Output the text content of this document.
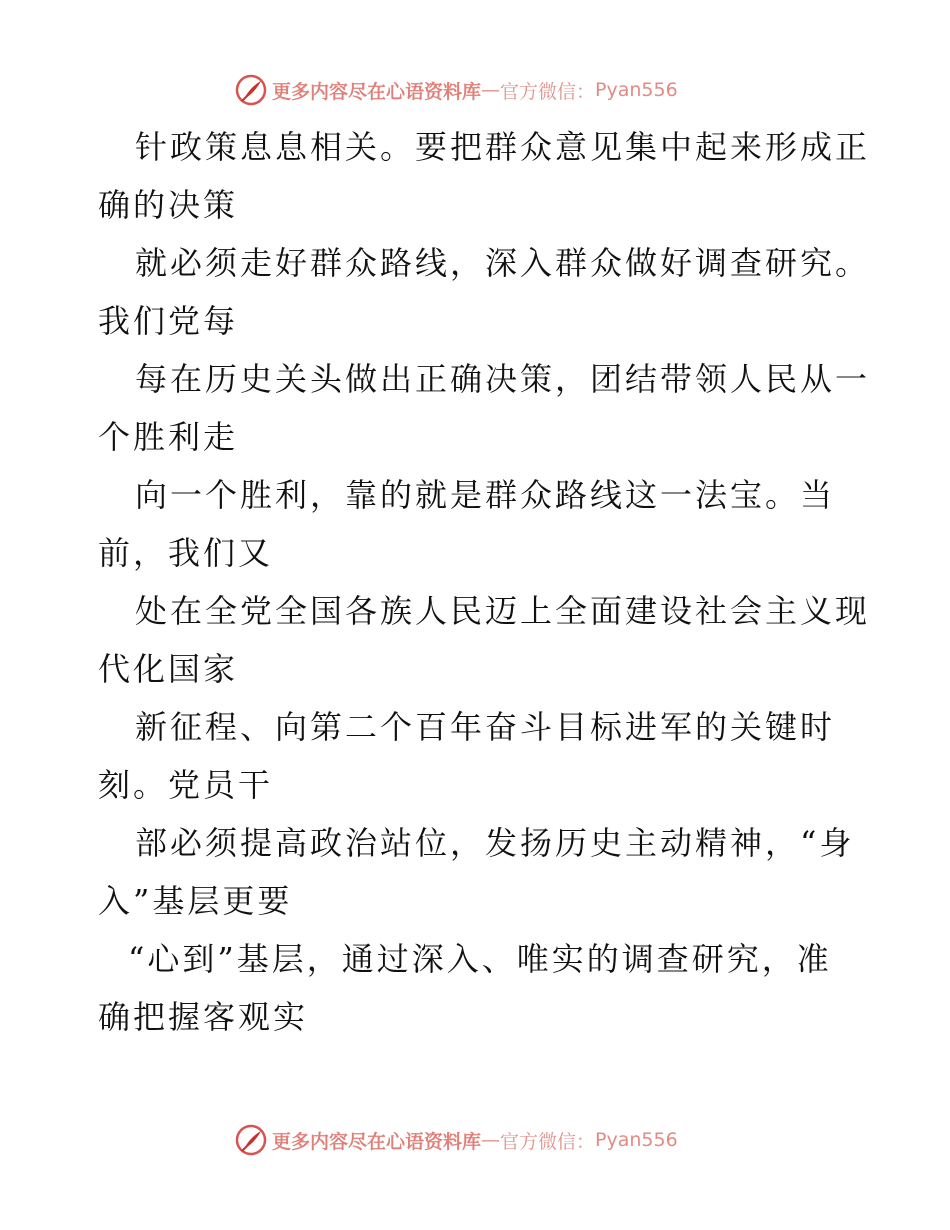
更多内容尽在心语资料库 — 官方微信： Pyan556
针政策息息相关。要把群众意见集中起来形成正
确的决策
就必须走好群众路线，深入群众做好调查研究。
我们党每
每在历史关头做出正确决策，团结带领人民从一
个胜利走
向一个胜利，靠的就是群众路线这一法宝。当
前，我们又
处在全党全国各族人民迈上全面建设社会主义现
代化国家
新征程、向第二个百年奋斗目标进军的关键时
刻。党员干
部必须提高政治站位，发扬历史主动精神，“身
入”基层更要
“心到”基层，通过深入、唯实的调查研究，准
确把握客观实
更多内容尽在心语资料库 — 官方微信： Pyan556
